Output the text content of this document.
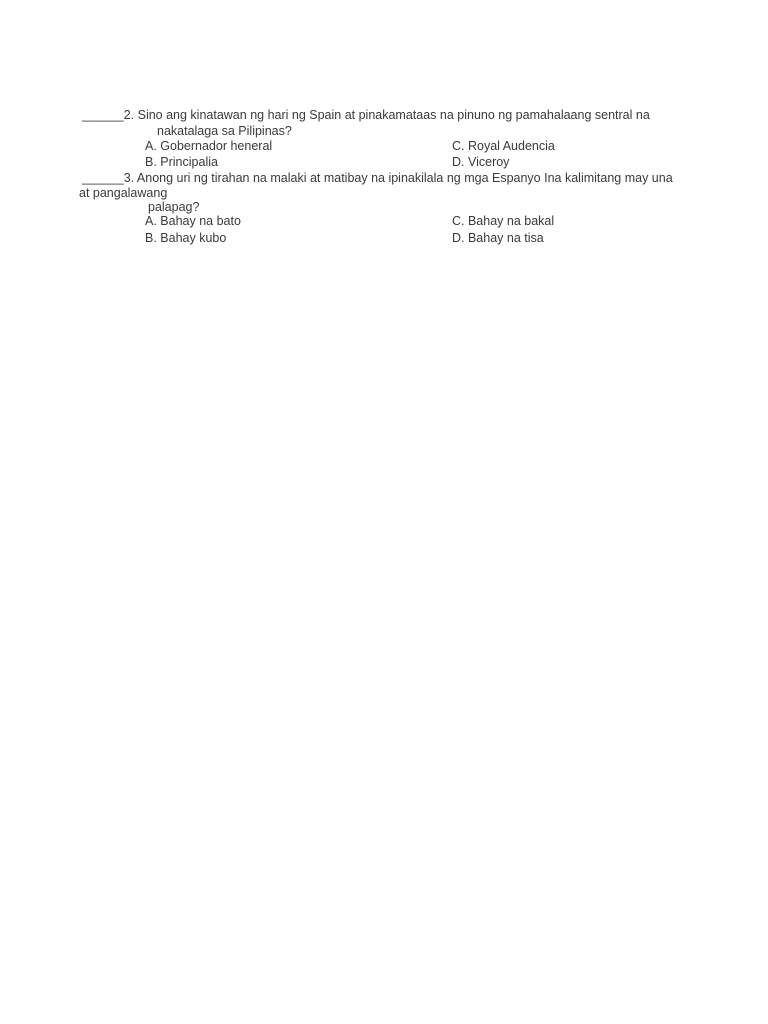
______2. Sino ang kinatawan ng hari ng Spain at pinakamataas na pinuno ng pamahalaang sentral na
nakatalaga sa Pilipinas?
A. Gobernador heneral	C. Royal Audencia
B. Principalia	D. Viceroy
______3. Anong uri ng tirahan na malaki at matibay na ipinakilala ng mga Espanyo Ina kalimitang may una
at pangalawang
palapag?
A. Bahay na bato	C. Bahay na bakal
B. Bahay kubo	D. Bahay na tisa
